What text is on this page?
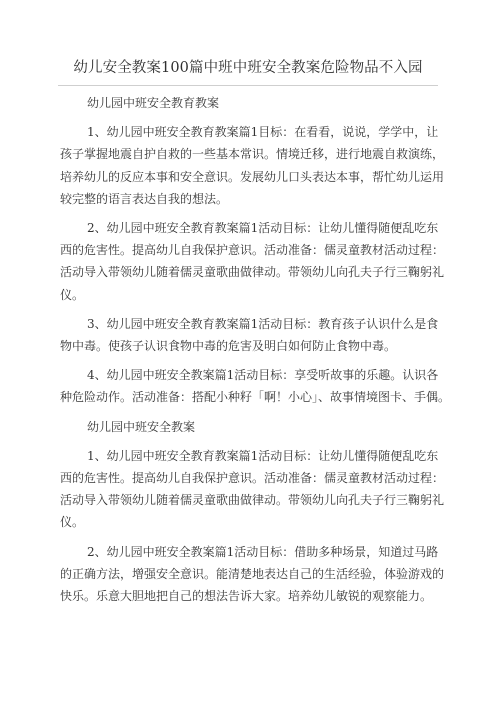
幼儿安全教案100篇中班中班安全教案危险物品不入园

幼儿园中班安全教育教案

1、幼儿园中班安全教育教案篇1目标：在看看，说说，学学中，让
孩子掌握地震自护自救的一些基本常识。情境迁移，进行地震自救演练，
培养幼儿的反应本事和安全意识。发展幼儿口头表达本事，帮忙幼儿运用
较完整的语言表达自我的想法。
2、幼儿园中班安全教育教案篇1活动目标：让幼儿懂得随便乱吃东
西的危害性。提高幼儿自我保护意识。活动准备：儒灵童教材活动过程：
活动导入带领幼儿随着儒灵童歌曲做律动。带领幼儿向孔夫子行三鞠躬礼
仪。
3、幼儿园中班安全教育教案篇1活动目标：教育孩子认识什么是食
物中毒。使孩子认识食物中毒的危害及明白如何防止食物中毒。
4、幼儿园中班安全教案篇1活动目标：享受听故事的乐趣。认识各
种危险动作。活动准备：搭配小种籽「啊！小心」、故事情境图卡、手偶。

幼儿园中班安全教案

1、幼儿园中班安全教育教案篇1活动目标：让幼儿懂得随便乱吃东
西的危害性。提高幼儿自我保护意识。活动准备：儒灵童教材活动过程：
活动导入带领幼儿随着儒灵童歌曲做律动。带领幼儿向孔夫子行三鞠躬礼
仪。
2、幼儿园中班安全教案篇1活动目标：借助多种场景，知道过马路
的正确方法，增强安全意识。能清楚地表达自己的生活经验，体验游戏的
快乐。乐意大胆地把自己的想法告诉大家。培养幼儿敏锐的观察能力。
